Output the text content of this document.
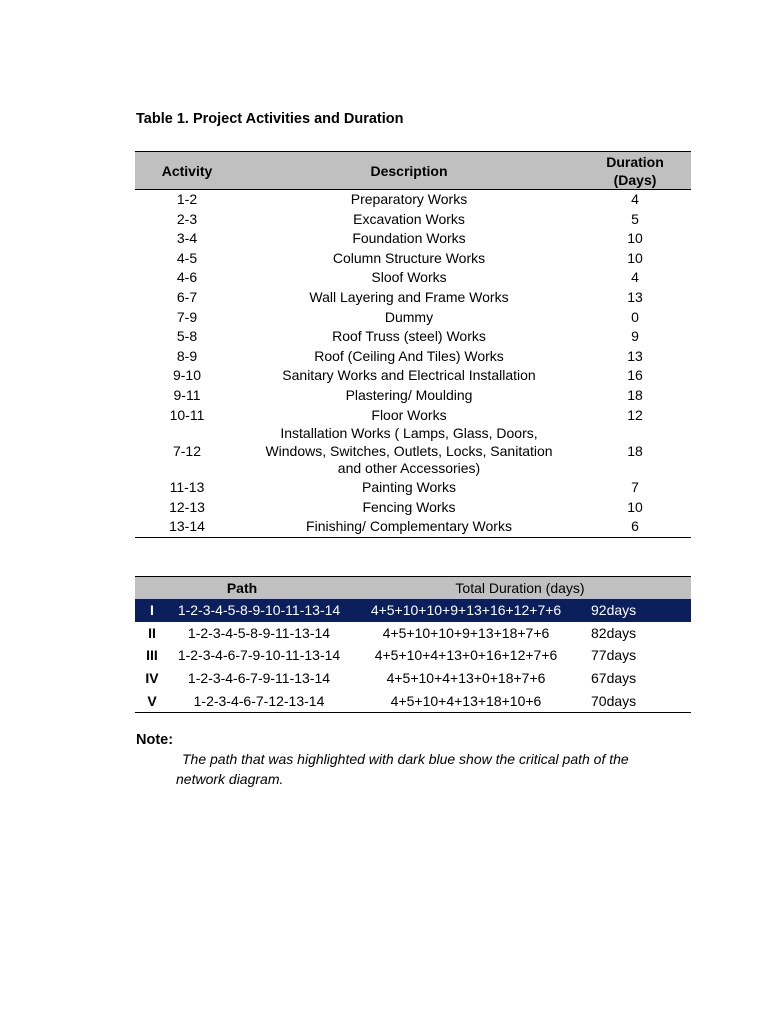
Table 1. Project Activities and Duration
Activity	Description	Duration
(Days)
1-2	Preparatory Works	4
2-3	Excavation Works	5
3-4	Foundation Works	10
4-5	Column Structure Works	10
4-6	Sloof Works	4
6-7	Wall Layering and Frame Works	13
7-9	Dummy	0
5-8	Roof Truss (steel) Works	9
8-9	Roof (Ceiling And Tiles) Works	13
9-10	Sanitary Works and Electrical Installation	16
9-11	Plastering/ Moulding	18
10-11	Floor Works	12
7-12	Installation Works ( Lamps, Glass, Doors,
Windows, Switches, Outlets, Locks, Sanitation
and other Accessories)	18
11-13	Painting Works	7
12-13	Fencing Works	10
13-14	Finishing/ Complementary Works	6
Path		Total Duration (days)	
I	1-2-3-4-5-8-9-10-11-13-14	4+5+10+10+9+13+16+12+7+6	92days
II	1-2-3-4-5-8-9-11-13-14	4+5+10+10+9+13+18+7+6	82days
III	1-2-3-4-6-7-9-10-11-13-14	4+5+10+4+13+0+16+12+7+6	77days
IV	1-2-3-4-6-7-9-11-13-14	4+5+10+4+13+0+18+7+6	67days
V	1-2-3-4-6-7-12-13-14	4+5+10+4+13+18+10+6	70days
Note:
The path that was highlighted with dark blue show the critical path of the network diagram.
